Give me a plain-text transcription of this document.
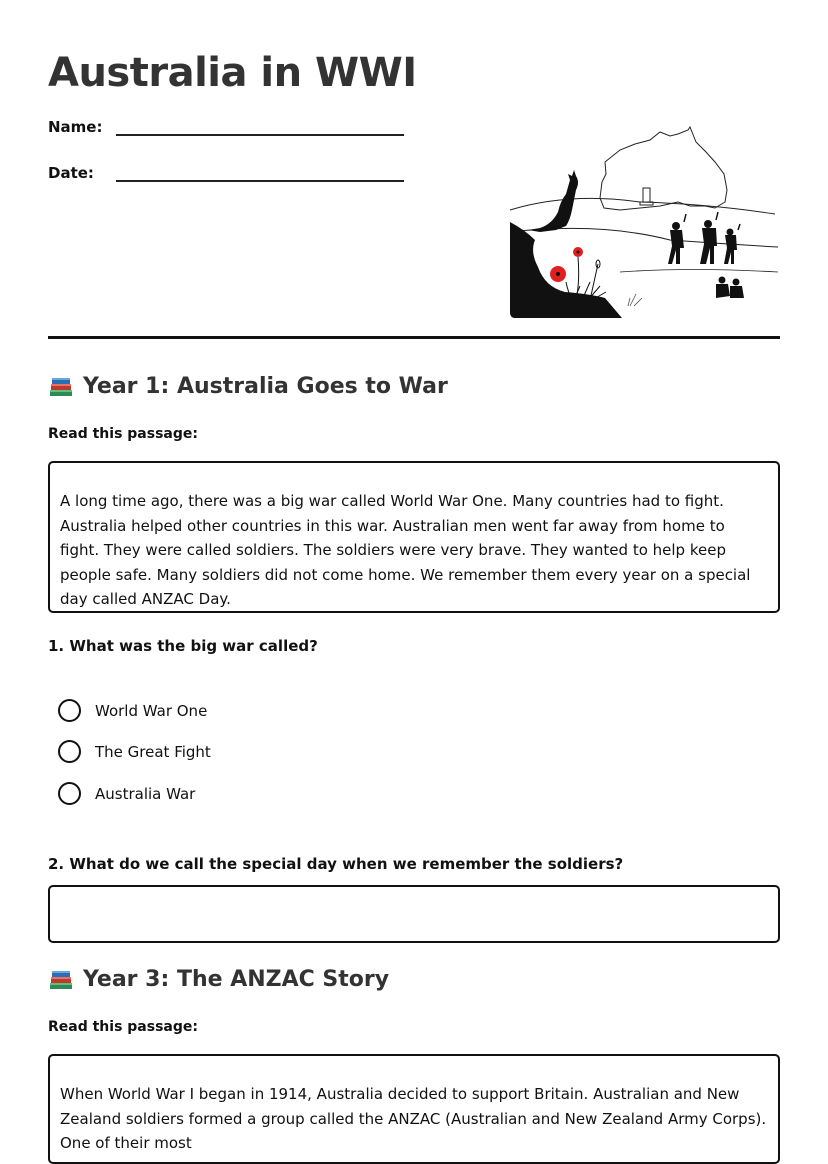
Australia in WWI
Name:
Date:
Year 1: Australia Goes to War
Read this passage:
A long time ago, there was a big war called World War One. Many countries had to fight. Australia helped other countries in this war. Australian men went far away from home to fight. They were called soldiers. The soldiers were very brave. They wanted to help keep people safe. Many soldiers did not come home. We remember them every year on a special day called ANZAC Day.
1. What was the big war called?
World War One
The Great Fight
Australia War
2. What do we call the special day when we remember the soldiers?
Year 3: The ANZAC Story
Read this passage:
When World War I began in 1914, Australia decided to support Britain. Australian and New Zealand soldiers formed a group called the ANZAC (Australian and New Zealand Army Corps). One of their most
